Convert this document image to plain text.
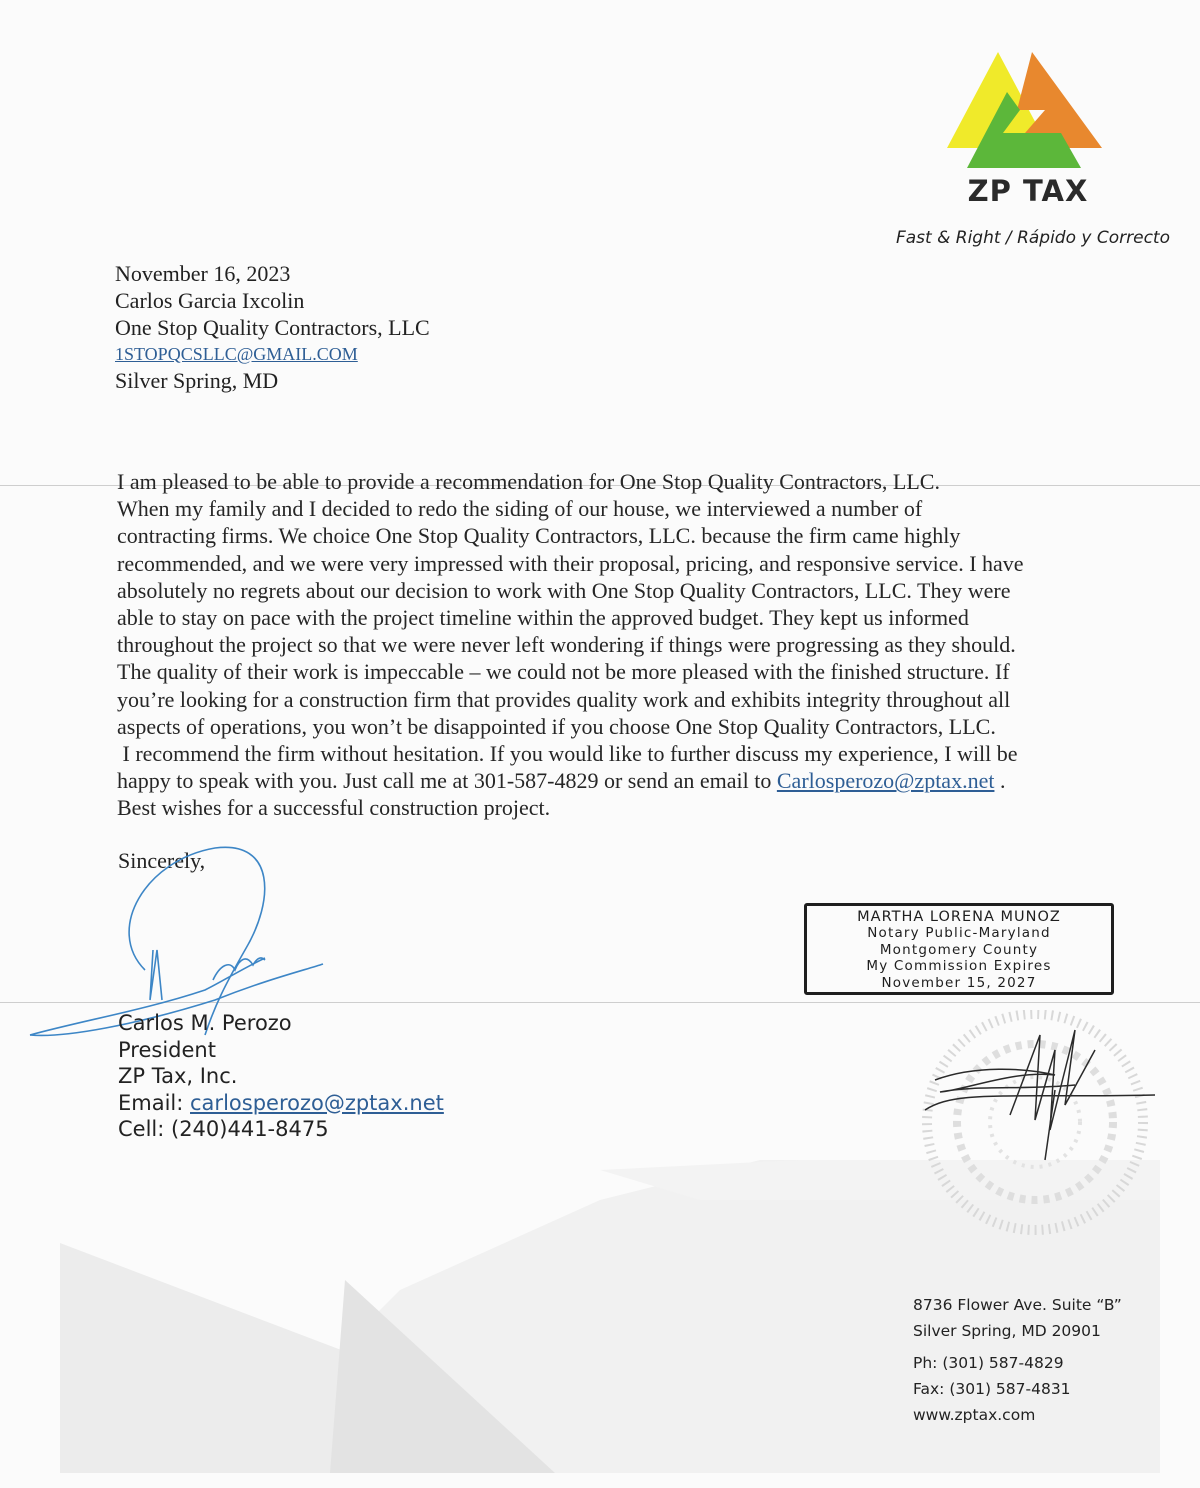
ZP TAX
Fast & Right / Rápido y Correcto
November 16, 2023
Carlos Garcia Ixcolin
One Stop Quality Contractors, LLC
1STOPQCSLLC@GMAIL.COM
Silver Spring, MD
I am pleased to be able to provide a recommendation for One Stop Quality Contractors, LLC.
When my family and I decided to redo the siding of our house, we interviewed a number of
contracting firms. We choice One Stop Quality Contractors, LLC. because the firm came highly
recommended, and we were very impressed with their proposal, pricing, and responsive service. I have
absolutely no regrets about our decision to work with One Stop Quality Contractors, LLC. They were
able to stay on pace with the project timeline within the approved budget. They kept us informed
throughout the project so that we were never left wondering if things were progressing as they should.
The quality of their work is impeccable – we could not be more pleased with the finished structure. If
you’re looking for a construction firm that provides quality work and exhibits integrity throughout all
aspects of operations, you won’t be disappointed if you choose One Stop Quality Contractors, LLC.
I recommend the firm without hesitation. If you would like to further discuss my experience, I will be
happy to speak with you. Just call me at 301-587-4829 or send an email to Carlosperozo@zptax.net .
Best wishes for a successful construction project.
Sincerely,
Carlos M. Perozo
President
ZP Tax, Inc.
Email: carlosperozo@zptax.net
Cell: (240)441-8475
MARTHA LORENA MUNOZ
Notary Public-Maryland
Montgomery County
My Commission Expires
November 15, 2027
8736 Flower Ave. Suite “B”
Silver Spring, MD 20901
Ph: (301) 587-4829
Fax: (301) 587-4831
www.zptax.com
